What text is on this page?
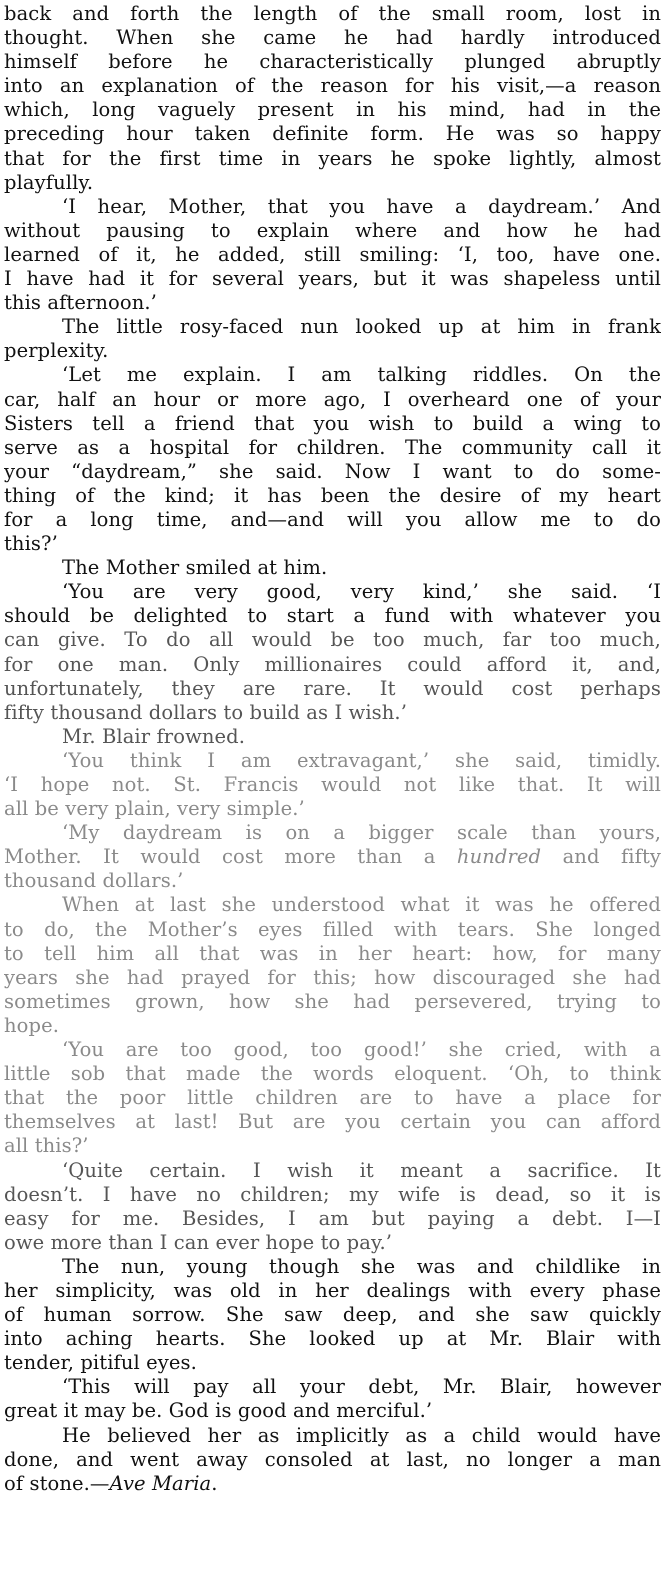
back and forth the length of the small room, lost in
thought. When she came he had hardly introduced
himself before he characteristically plunged abruptly
into an explanation of the reason for his visit,—a reason
which, long vaguely present in his mind, had in the
preceding hour taken definite form. He was so happy
that for the first time in years he spoke lightly, almost
playfully.
‘I hear, Mother, that you have a daydream.’ And
without pausing to explain where and how he had
learned of it, he added, still smiling: ‘I, too, have one.
I have had it for several years, but it was shapeless until
this afternoon.’
The little rosy-faced nun looked up at him in frank
perplexity.
‘Let me explain. I am talking riddles. On the
car, half an hour or more ago, I overheard one of your
Sisters tell a friend that you wish to build a wing to
serve as a hospital for children. The community call it
your “daydream,” she said. Now I want to do some-
thing of the kind; it has been the desire of my heart
for a long time, and—and will you allow me to do
this?’
The Mother smiled at him.
‘You are very good, very kind,’ she said. ‘I
should be delighted to start a fund with whatever you
can give. To do all would be too much, far too much,
for one man. Only millionaires could afford it, and,
unfortunately, they are rare. It would cost perhaps
fifty thousand dollars to build as I wish.’
Mr. Blair frowned.
‘You think I am extravagant,’ she said, timidly.
‘I hope not. St. Francis would not like that. It will
all be very plain, very simple.’
‘My daydream is on a bigger scale than yours,
Mother. It would cost more than a hundred and fifty
thousand dollars.’
When at last she understood what it was he offered
to do, the Mother’s eyes filled with tears. She longed
to tell him all that was in her heart: how, for many
years she had prayed for this; how discouraged she had
sometimes grown, how she had persevered, trying to
hope.
‘You are too good, too good!’ she cried, with a
little sob that made the words eloquent. ‘Oh, to think
that the poor little children are to have a place for
themselves at last! But are you certain you can afford
all this?’
‘Quite certain. I wish it meant a sacrifice. It
doesn’t. I have no children; my wife is dead, so it is
easy for me. Besides, I am but paying a debt. I—I
owe more than I can ever hope to pay.’
The nun, young though she was and childlike in
her simplicity, was old in her dealings with every phase
of human sorrow. She saw deep, and she saw quickly
into aching hearts. She looked up at Mr. Blair with
tender, pitiful eyes.
‘This will pay all your debt, Mr. Blair, however
great it may be. God is good and merciful.’
He believed her as implicitly as a child would have
done, and went away consoled at last, no longer a man
of stone.—Ave Maria.
